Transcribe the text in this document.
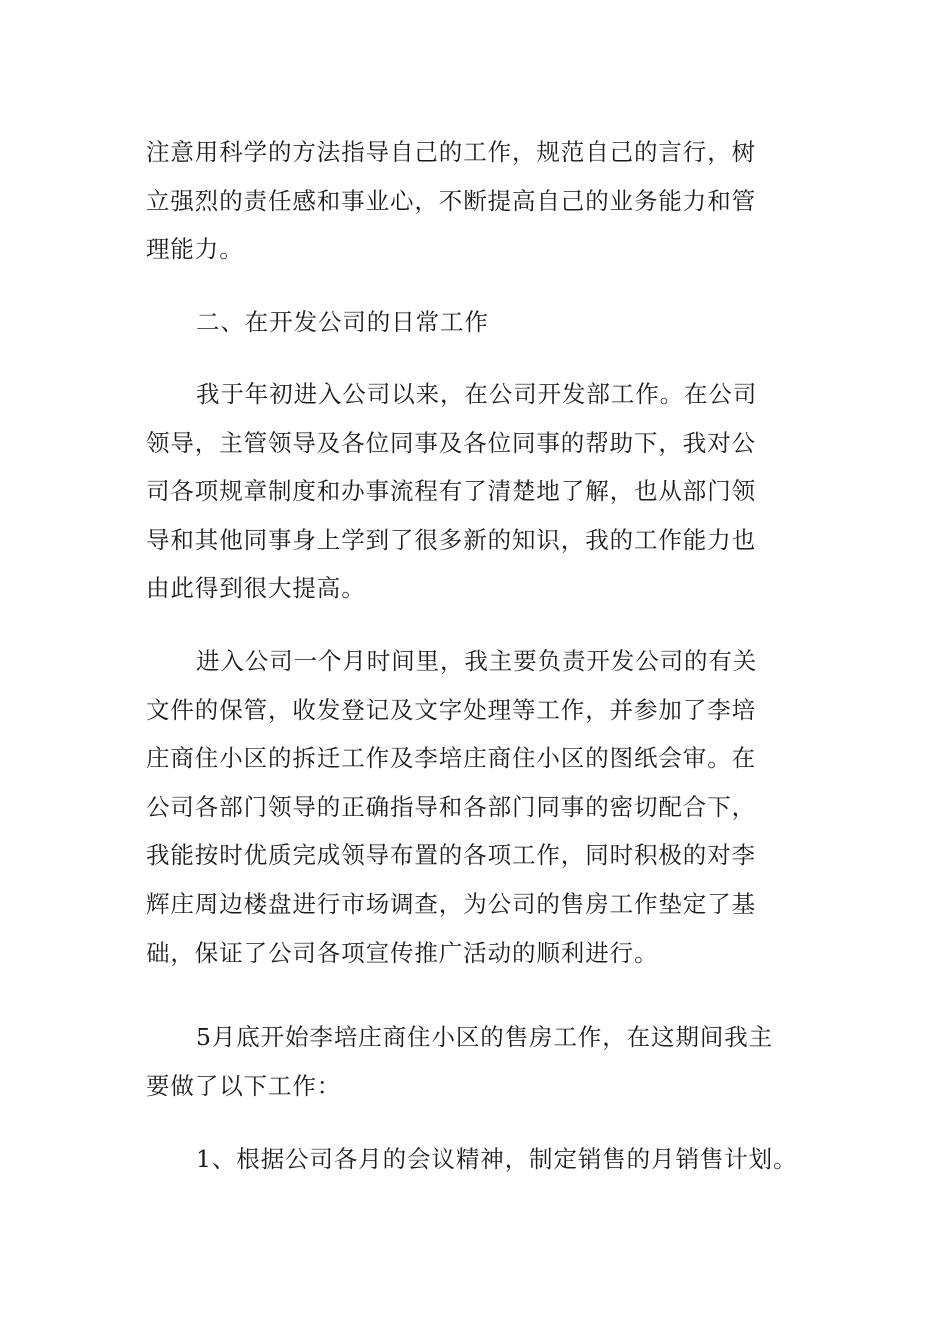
注意用科学的方法指导自己的工作，规范自己的言行，树
立强烈的责任感和事业心，不断提高自己的业务能力和管
理能力。
二、在开发公司的日常工作
我于年初进入公司以来，在公司开发部工作。在公司
领导，主管领导及各位同事及各位同事的帮助下，我对公
司各项规章制度和办事流程有了清楚地了解，也从部门领
导和其他同事身上学到了很多新的知识，我的工作能力也
由此得到很大提高。
进入公司一个月时间里，我主要负责开发公司的有关
文件的保管，收发登记及文字处理等工作，并参加了李培
庄商住小区的拆迁工作及李培庄商住小区的图纸会审。在
公司各部门领导的正确指导和各部门同事的密切配合下，
我能按时优质完成领导布置的各项工作，同时积极的对李
辉庄周边楼盘进行市场调查，为公司的售房工作垫定了基
础，保证了公司各项宣传推广活动的顺利进行。
5月底开始李培庄商住小区的售房工作，在这期间我主
要做了以下工作：
1、根据公司各月的会议精神，制定销售的月销售计划。
